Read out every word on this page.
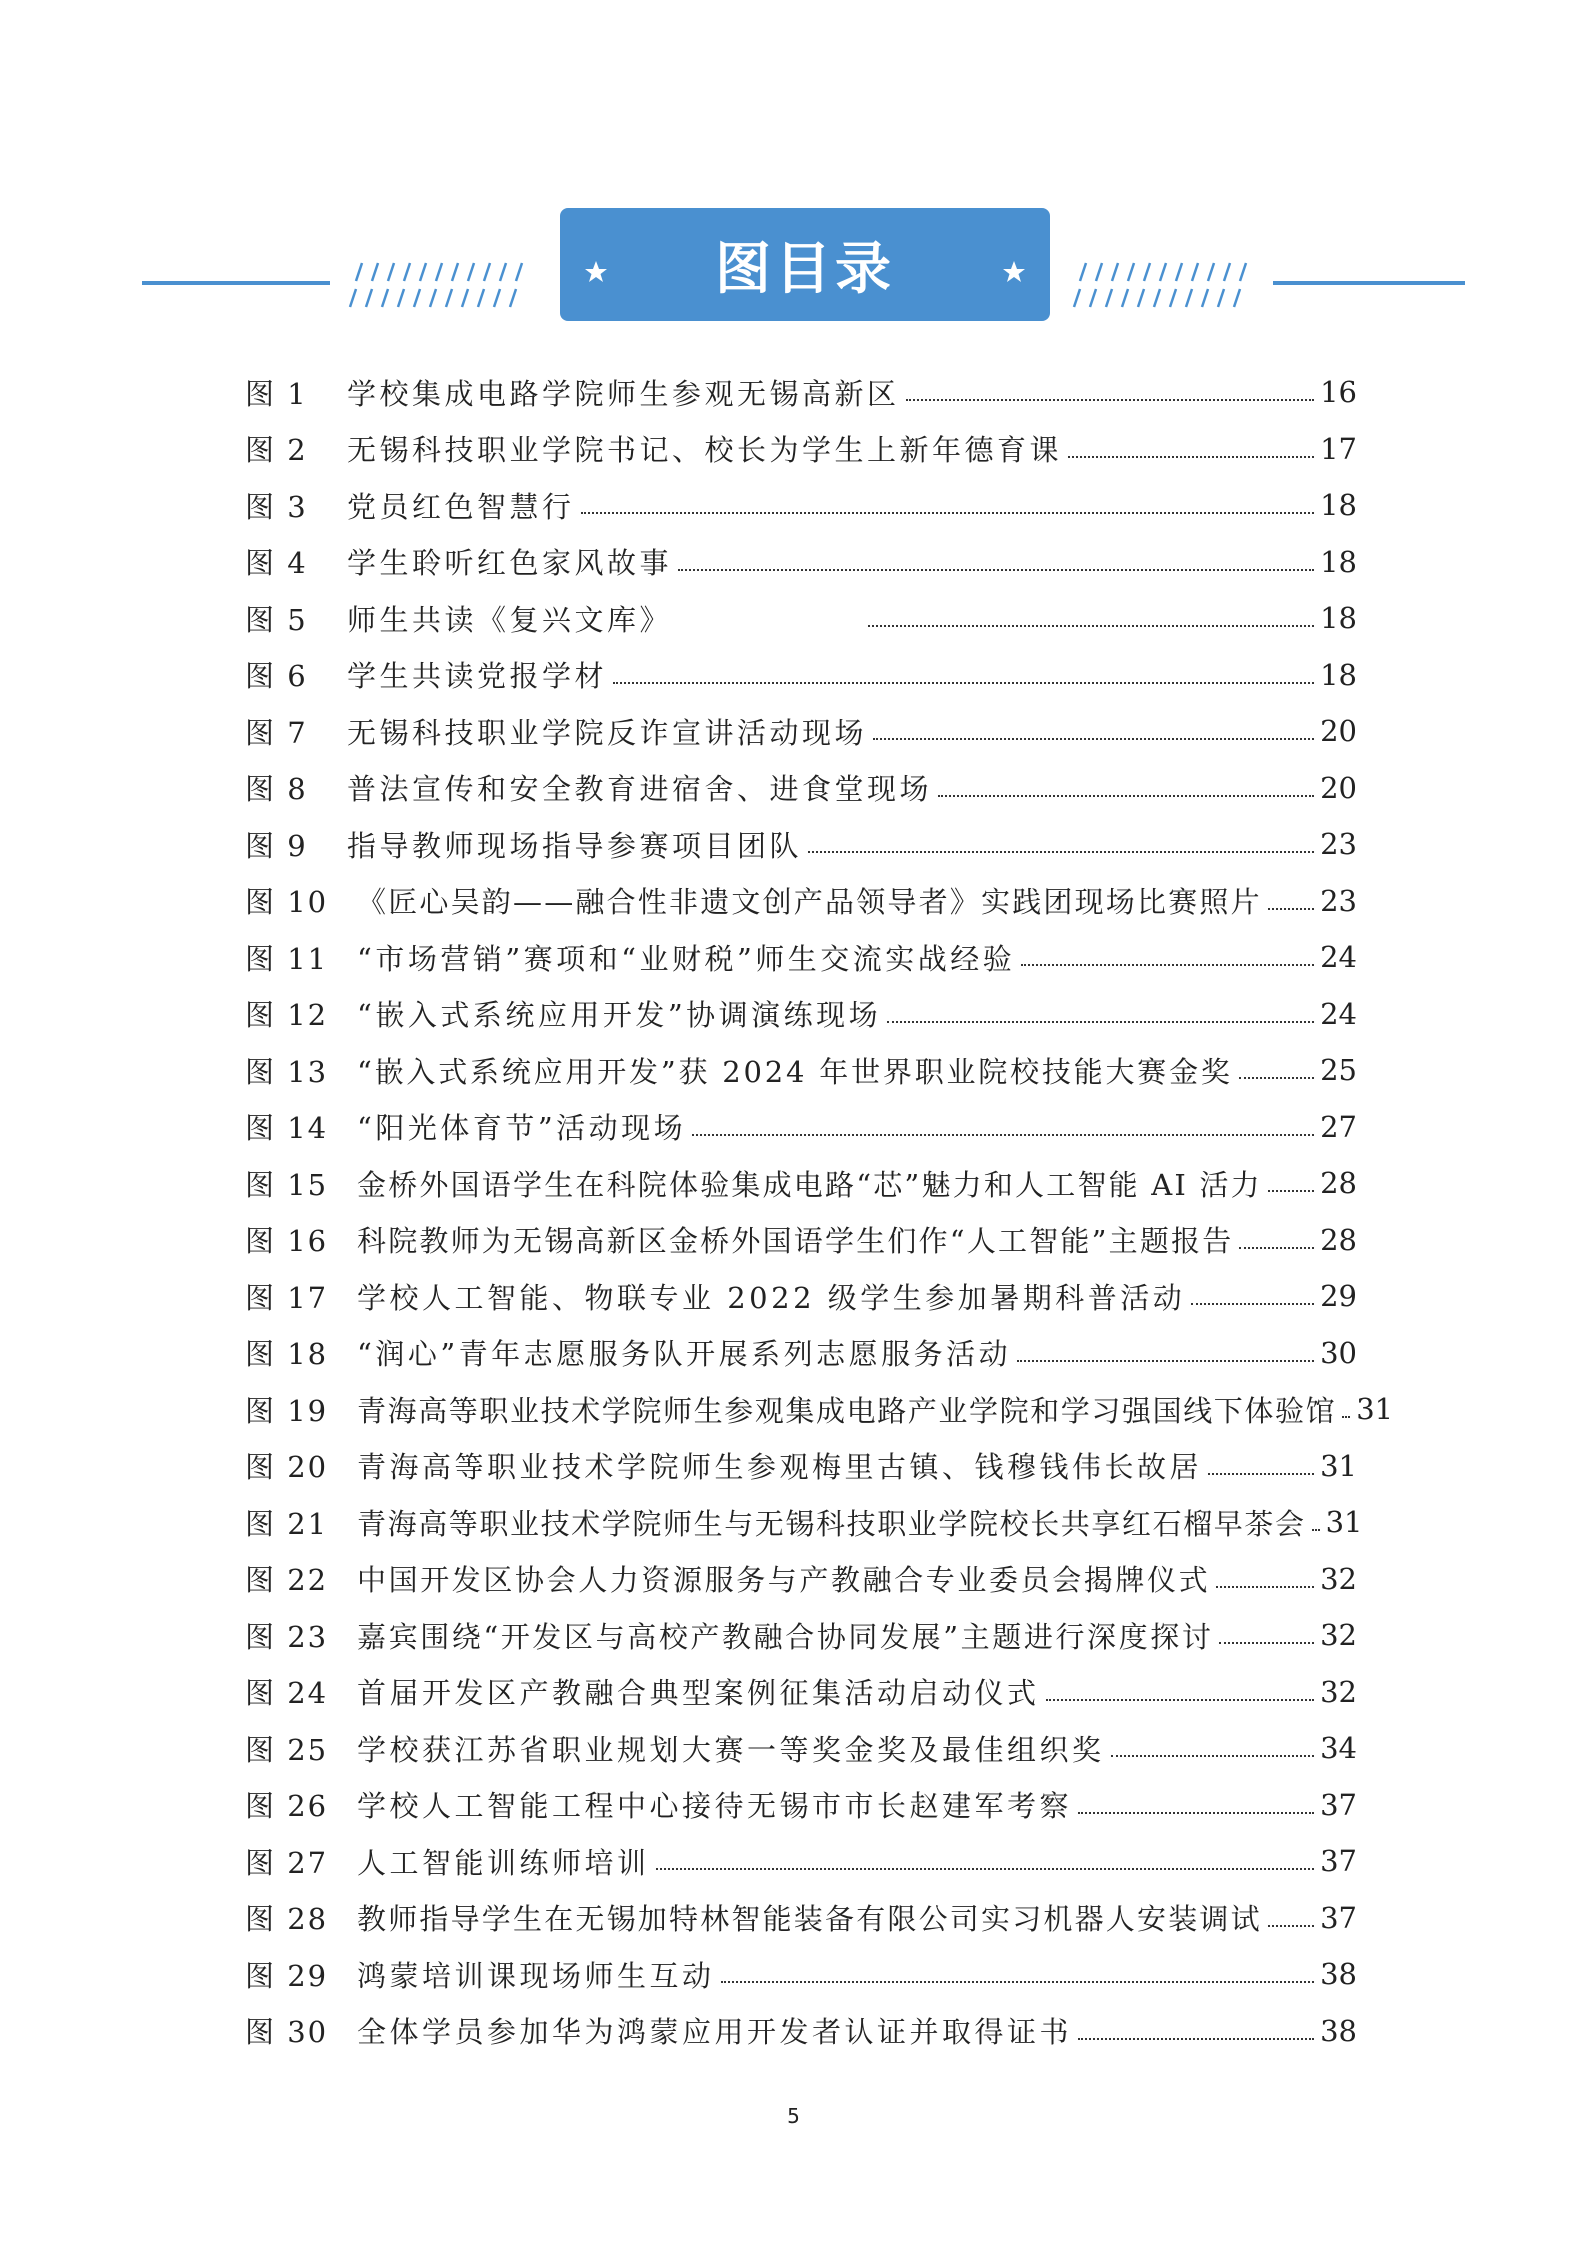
图目录
图 1	学校集成电路学院师生参观无锡高新区	16
图 2	无锡科技职业学院书记、校长为学生上新年德育课	17
图 3	党员红色智慧行	18
图 4	学生聆听红色家风故事	18
图 5	师生共读《复兴文库》	18
图 6	学生共读党报学材	18
图 7	无锡科技职业学院反诈宣讲活动现场	20
图 8	普法宣传和安全教育进宿舍、进食堂现场	20
图 9	指导教师现场指导参赛项目团队	23
图 10 《匠心吴韵——融合性非遗文创产品领导者》实践团现场比赛照片 23
图 11 “市场营销”赛项和“业财税”师生交流实战经验	24
图 12 “嵌入式系统应用开发”协调演练现场	24
图 13 “嵌入式系统应用开发”获 2024 年世界职业院校技能大赛金奖	25
图 14 “阳光体育节”活动现场	27
图 15 金桥外国语学生在科院体验集成电路“芯”魅力和人工智能 AI 活力 28
图 16 科院教师为无锡高新区金桥外国语学生们作“人工智能”主题报告	28
图 17 学校人工智能、物联专业 2022 级学生参加暑期科普活动	29
图 18 “润心”青年志愿服务队开展系列志愿服务活动	30
图 19 青海高等职业技术学院师生参观集成电路产业学院和学习强国线下体验馆 31
图 20 青海高等职业技术学院师生参观梅里古镇、钱穆钱伟长故居	31
图 21 青海高等职业技术学院师生与无锡科技职业学院校长共享红石榴早茶会 31
图 22 中国开发区协会人力资源服务与产教融合专业委员会揭牌仪式	32
图 23 嘉宾围绕“开发区与高校产教融合协同发展”主题进行深度探讨	32
图 24 首届开发区产教融合典型案例征集活动启动仪式	32
图 25 学校获江苏省职业规划大赛一等奖金奖及最佳组织奖	34
图 26 学校人工智能工程中心接待无锡市市长赵建军考察	37
图 27 人工智能训练师培训	37
图 28 教师指导学生在无锡加特林智能装备有限公司实习机器人安装调试 37
图 29 鸿蒙培训课现场师生互动	38
图 30 全体学员参加华为鸿蒙应用开发者认证并取得证书	38
5
